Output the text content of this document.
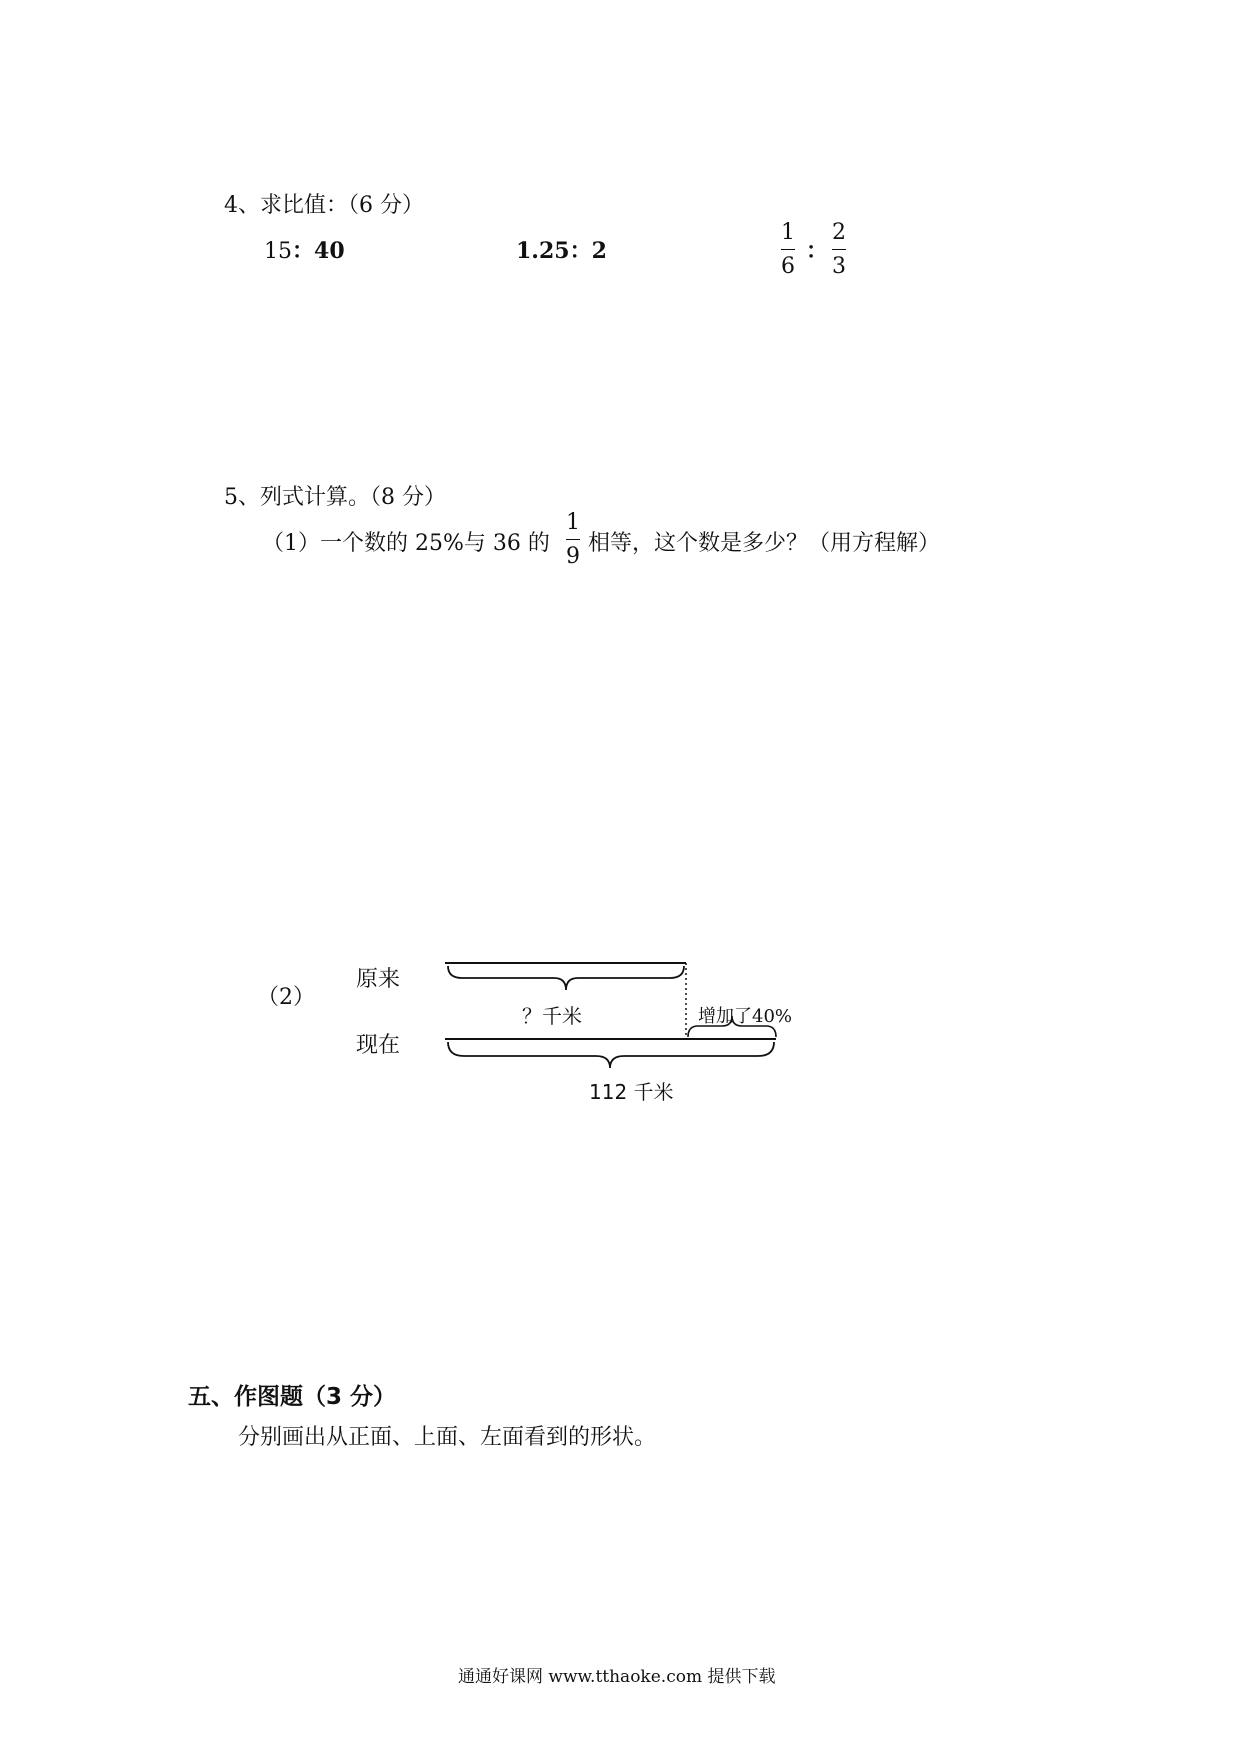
4、求比值：（6 分）
15：40	1.25：2
1
6
：
2
3
5、列式计算。（8 分）
（1）一个数的 25%与 36 的
1
9
相等，这个数是多少？（用方程解）
（2）
原来
现在
？千米	增加了40%
112 千米
五、作图题（3 分）
分别画出从正面、上面、左面看到的形状。
通通好课网 www.tthaoke.com 提供下载
